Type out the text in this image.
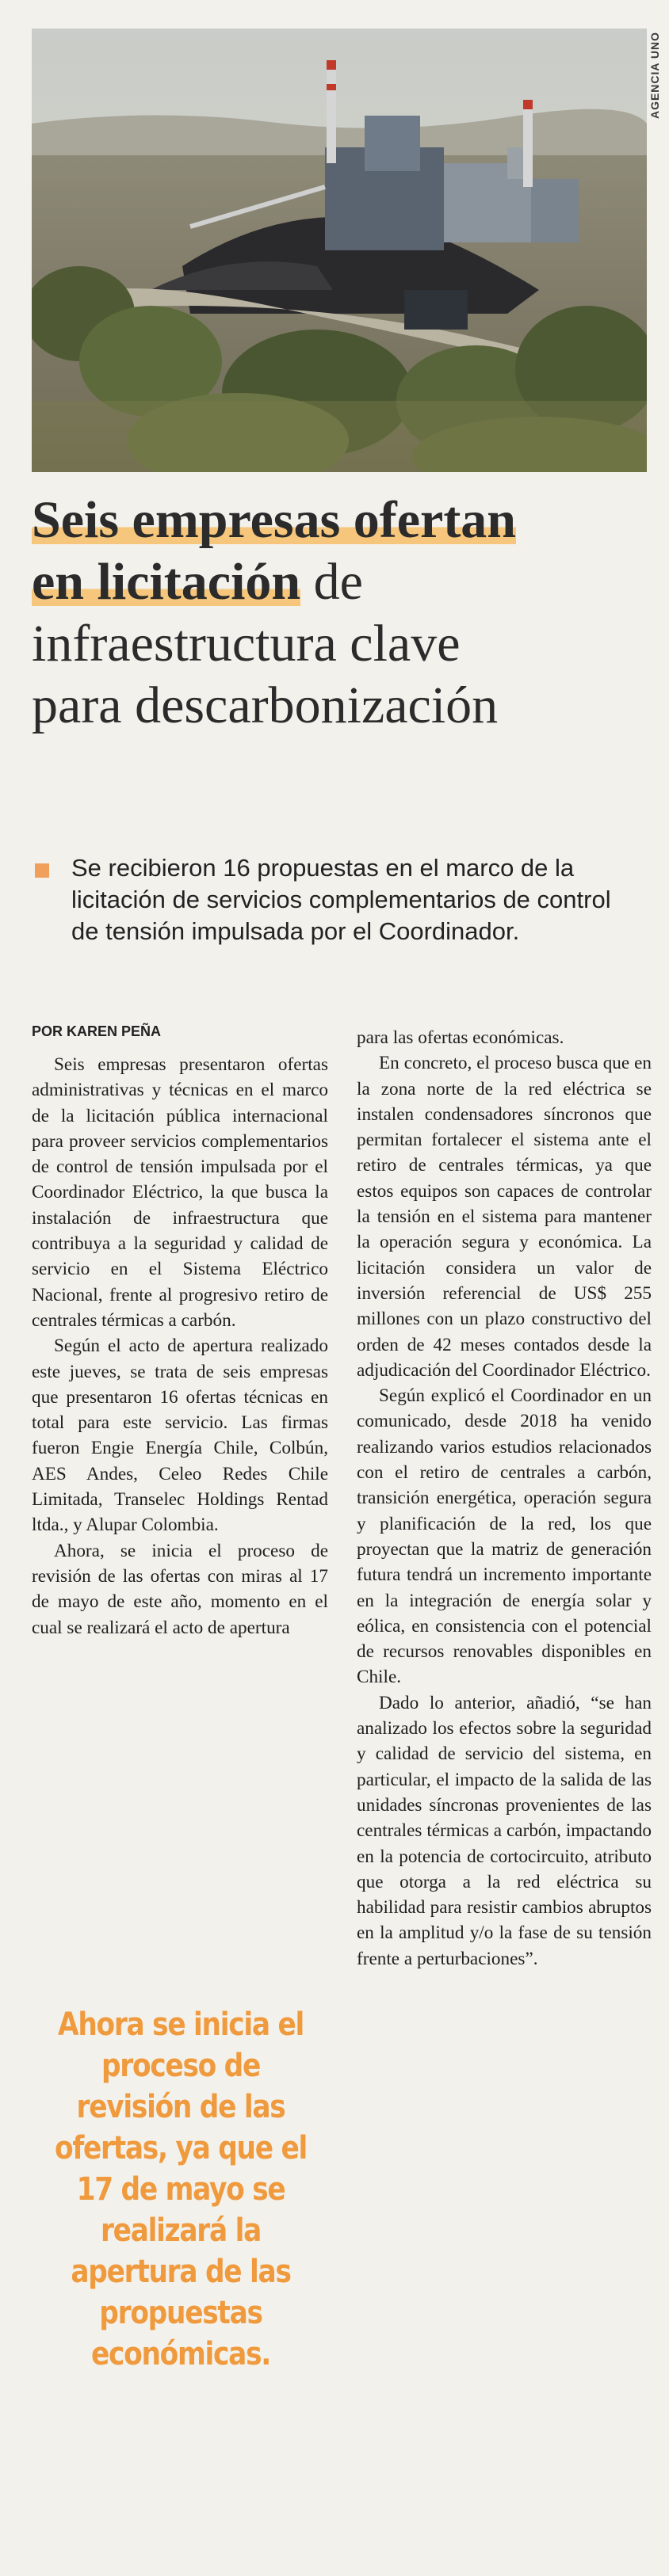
AGENCIA UNO
Seis empresas ofertan
en licitación de
infraestructura clave
para descarbonización
Se recibieron 16 propuestas en el marco de la licitación de servicios complementarios de control de tensión impulsada por el Coordinador.
POR KAREN PEÑA

Seis empresas presentaron ofertas administrativas y técnicas en el marco de la licitación pública internacional para proveer servicios complementarios de control de tensión impulsada por el Coordinador Eléctrico, la que busca la instalación de infraestructura que contribuya a la seguridad y calidad de servicio en el Sistema Eléctrico Nacional, frente al progresivo retiro de centrales térmicas a carbón.

Según el acto de apertura realizado este jueves, se trata de seis empresas que presentaron 16 ofertas técnicas en total para este servicio. Las firmas fueron Engie Energía Chile, Colbún, AES Andes, Celeo Redes Chile Limitada, Transelec Holdings Rentad ltda., y Alupar Colombia.

Ahora, se inicia el proceso de revisión de las ofertas con miras al 17 de mayo de este año, momento en el cual se realizará el acto de apertura

para las ofertas económicas.

En concreto, el proceso busca que en la zona norte de la red eléctrica se instalen condensadores síncronos que permitan fortalecer el sistema ante el retiro de centrales térmicas, ya que estos equipos son capaces de controlar la tensión en el sistema para mantener la operación segura y económica. La licitación considera un valor de inversión referencial de US$ 255 millones con un plazo constructivo del orden de 42 meses contados desde la adjudicación del Coordinador Eléctrico.

Según explicó el Coordinador en un comunicado, desde 2018 ha venido realizando varios estudios relacionados con el retiro de centrales a carbón, transición energética, operación segura y planificación de la red, los que proyectan que la matriz de generación futura tendrá un incremento importante en la integración de energía solar y eólica, en consistencia con el potencial de recursos renovables disponibles en Chile.

Dado lo anterior, añadió, “se han analizado los efectos sobre la seguridad y calidad de servicio del sistema, en particular, el impacto de la salida de las unidades síncronas provenientes de las centrales térmicas a carbón, impactando en la potencia de cortocircuito, atributo que otorga a la red eléctrica su habilidad para resistir cambios abruptos en la amplitud y/o la fase de su tensión frente a perturbaciones”.

Ahora se inicia el proceso de revisión de las ofertas, ya que el 17 de mayo se realizará la apertura de las propuestas económicas.
